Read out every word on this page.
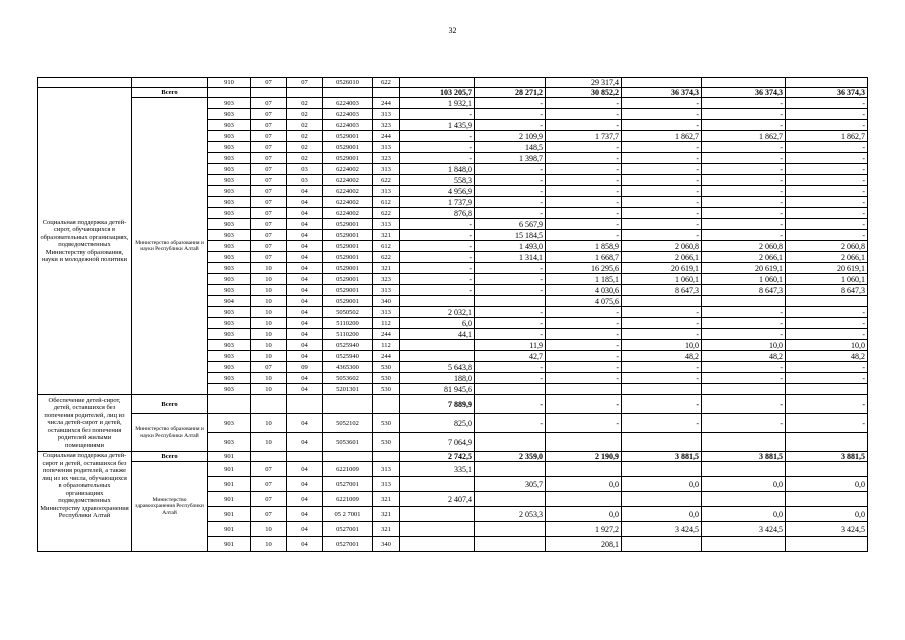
32
		910	07	07	0526010	622			29 317,4			
Социальная поддержка детей-сирот, обучающихся в образовательных организациях, подведомственных Министерству образования, науки и молодежной политики	Всего						103 205,7	28 271,2	30 852,2	36 374,3	36 374,3	36 374,3
	Министерство образования и науки Республики Алтай	903	07	02	6224003	244	1 932,1	-	-	-	-	-
		903	07	02	6224003	313	-	-	-	-	-	-
		903	07	02	6224003	323	1 435,9	-	-	-	-	-
		903	07	02	0529001	244	-	2 109,9	1 737,7	1 862,7	1 862,7	1 862,7
		903	07	02	0529001	313	-	148,5	-	-	-	-
		903	07	02	0529001	323	-	1 398,7	-	-	-	-
		903	07	03	6224002	313	1 848,0	-	-	-	-	-
		903	07	03	6224002	622	558,3	-	-	-	-	-
		903	07	04	6224002	313	4 956,9	-	-	-	-	-
		903	07	04	6224002	612	1 737,9	-	-	-	-	-
		903	07	04	6224002	622	876,8	-	-	-	-	-
		903	07	04	0529001	313	-	6 567,9	-	-	-	-
		903	07	04	0529001	321	-	15 184,5	-	-	-	-
		903	07	04	0529001	612	-	1 493,0	1 858,9	2 060,8	2 060,8	2 060,8
		903	07	04	0529001	622	-	1 314,1	1 668,7	2 066,1	2 066,1	2 066,1
		903	10	04	0529001	321	-	-	16 295,6	20 619,1	20 619,1	20 619,1
		903	10	04	0529001	323	-	-	1 185,1	1 060,1	1 060,1	1 060,1
		903	10	04	0529001	313	-	-	4 030,6	8 647,3	8 647,3	8 647,3
		904	10	04	0529001	340			4 075,6			
		903	10	04	5050502	313	2 032,1	-	-	-	-	-
		903	10	04	5110200	112	6,0	-	-	-	-	-
		903	10	04	5110200	244	44,1	-	-	-	-	-
		903	10	04	0525940	112		11,9	-	10,0	10,0	10,0
		903	10	04	0525940	244		42,7	-	48,2	48,2	48,2
		903	07	09	4365300	530	5 643,8	-	-	-	-	-
		903	10	04	5053602	530	188,0	-	-	-	-	-
		903	10	04	5201301	530	81 945,6					
Обеспечение детей-сирот, детей, оставшихся без попечения родителей, лиц из числа детей-сирот и детей, оставшихся без попечения родителей жилыми помещениями	Всего						7 889,9	-	-	-	-	-
	Министерство образования и науки Республики Алтай	903	10	04	5052102	530	825,0	-	-	-	-	-
		903	10	04	5053601	530	7 064,9					
Социальная поддержка детей-сирот и детей, оставшихся без попечения родителей, а также лиц из их числа, обучающихся в образовательных организациях подведомственных Министерству здравоохранения Республики Алтай	Всего	901					2 742,5	2 359,0	2 190,9	3 881,5	3 881,5	3 881,5
	Министерство здравоохранения Республики Алтай	901	07	04	6221009	313	335,1					
		901	07	04	0527001	313		305,7	0,0	0,0	0,0	0,0
		901	07	04	6221009	321	2 407,4					
		901	07	04	05 2 7001	321		2 053,3	0,0	0,0	0,0	0,0
		901	10	04	0527001	321			1 927,2	3 424,5	3 424,5	3 424,5
		901	10	04	0527001	340			208,1			
